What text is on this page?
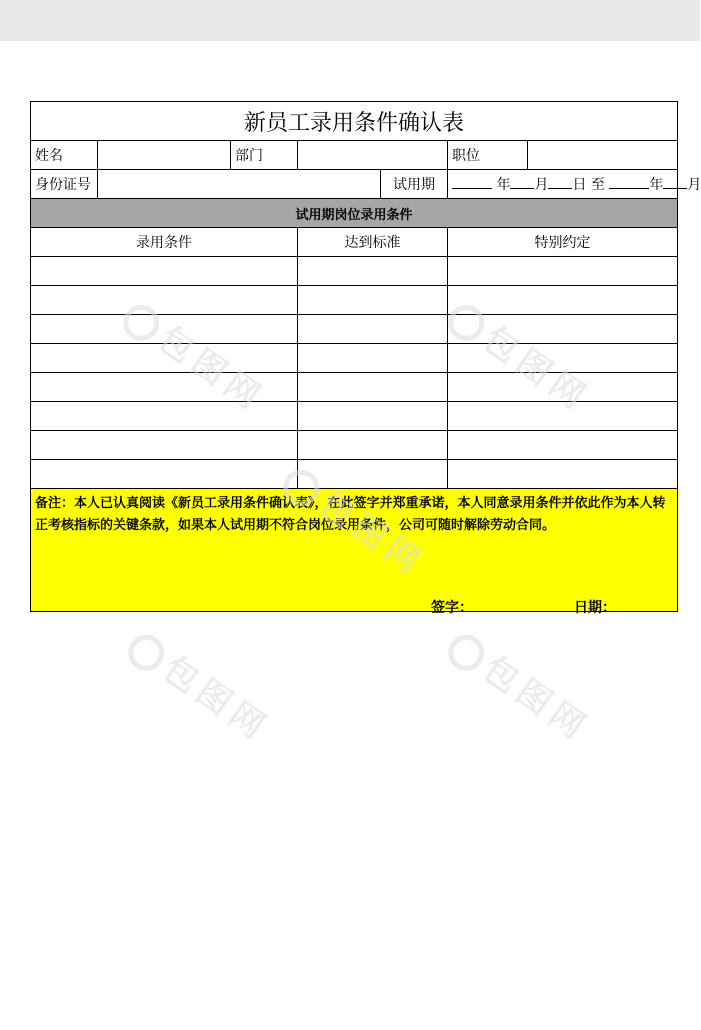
包图网	包图网
包图网
包图网	包图网
新员工录用条件确认表						
姓名		部门			职位	
身份证号				试用期	年 月 日 至 年 月	
试用期岗位录用条件						
录用条件			达到标准		特别约定	

备注：本人已认真阅读《新员工录用条件确认表》，在此签字并郑重承诺，本人同意录用条件并依此作为本人转正考核指标的关键条款，如果本人试用期不符合岗位录用条件，公司可随时解除劳动合同。
签字： 日期：						
